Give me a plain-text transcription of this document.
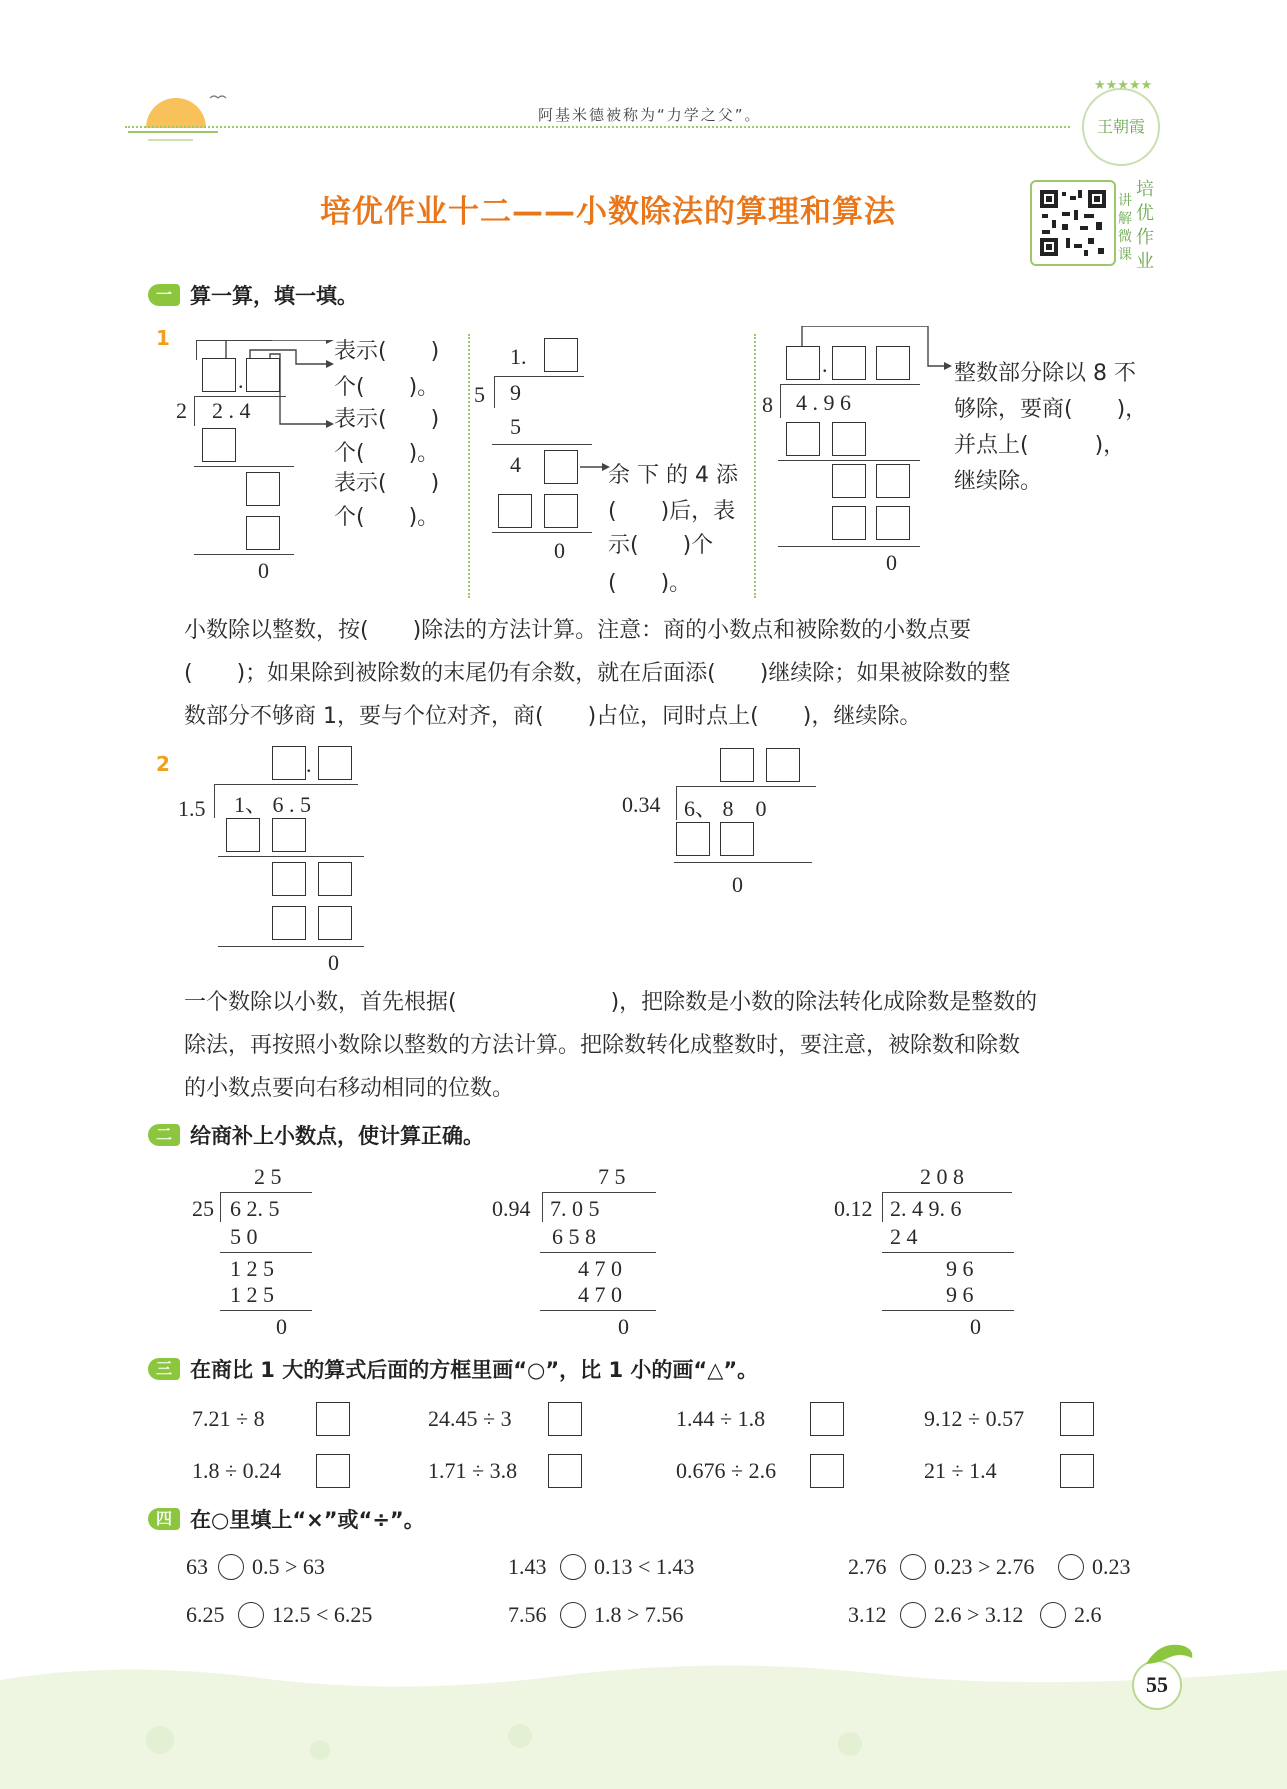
阿基米德被称为“力学之父”。
★★★★★
王朝霞
培优作业十二——小数除法的算理和算法
培优作业
讲解微课
一 算一算，填一填。
1
.
2 2 . 4
0
表示(　　)
个(　　)。
表示(　　)
个(　　)。
表示(　　)
个(　　)。
1.
5 9
5
4
0
余 下 的 4 添
(　　)后，表
示(　　)个
(　　)。
.
8 4 . 9 6
0
整数部分除以 8 不
够除，要商(　　)，
并点上(　　　)，
继续除。
小数除以整数，按(　　)除法的方法计算。注意：商的小数点和被除数的小数点要
(　　)；如果除到被除数的末尾仍有余数，就在后面添(　　)继续除；如果被除数的整
数部分不够商 1，要与个位对齐，商(　　)占位，同时点上(　　)，继续除。
2	.
1.5 1、 6 . 5
0
0.34 6、 8　0
0
一个数除以小数，首先根据(　　　　　　　)，把除数是小数的除法转化成除数是整数的
除法，再按照小数除以整数的方法计算。把除数转化成整数时，要注意，被除数和除数
的小数点要向右移动相同的位数。
二 给商补上小数点，使计算正确。
2 5
25 6 2. 5
5 0
1 2 5
1 2 5
0
7 5
0.94 7. 0 5
6 5 8
4 7 0
4 7 0
0
2 0 8
0.12 2. 4 9. 6
2 4
9 6
9 6
0
三 在商比 1 大的算式后面的方框里画“○”，比 1 小的画“△”。
7.21 ÷ 8	24.45 ÷ 3	1.44 ÷ 1.8	9.12 ÷ 0.57
1.8 ÷ 0.24	1.71 ÷ 3.8	0.676 ÷ 2.6	21 ÷ 1.4
四 在○里填上“×”或“÷”。
63 0.5 > 63	1.43 0.13 < 1.43	2.76 0.23 > 2.76	0.23
6.25 12.5 < 6.25	7.56 1.8 > 7.56	3.12 2.6 > 3.12 2.6
55
